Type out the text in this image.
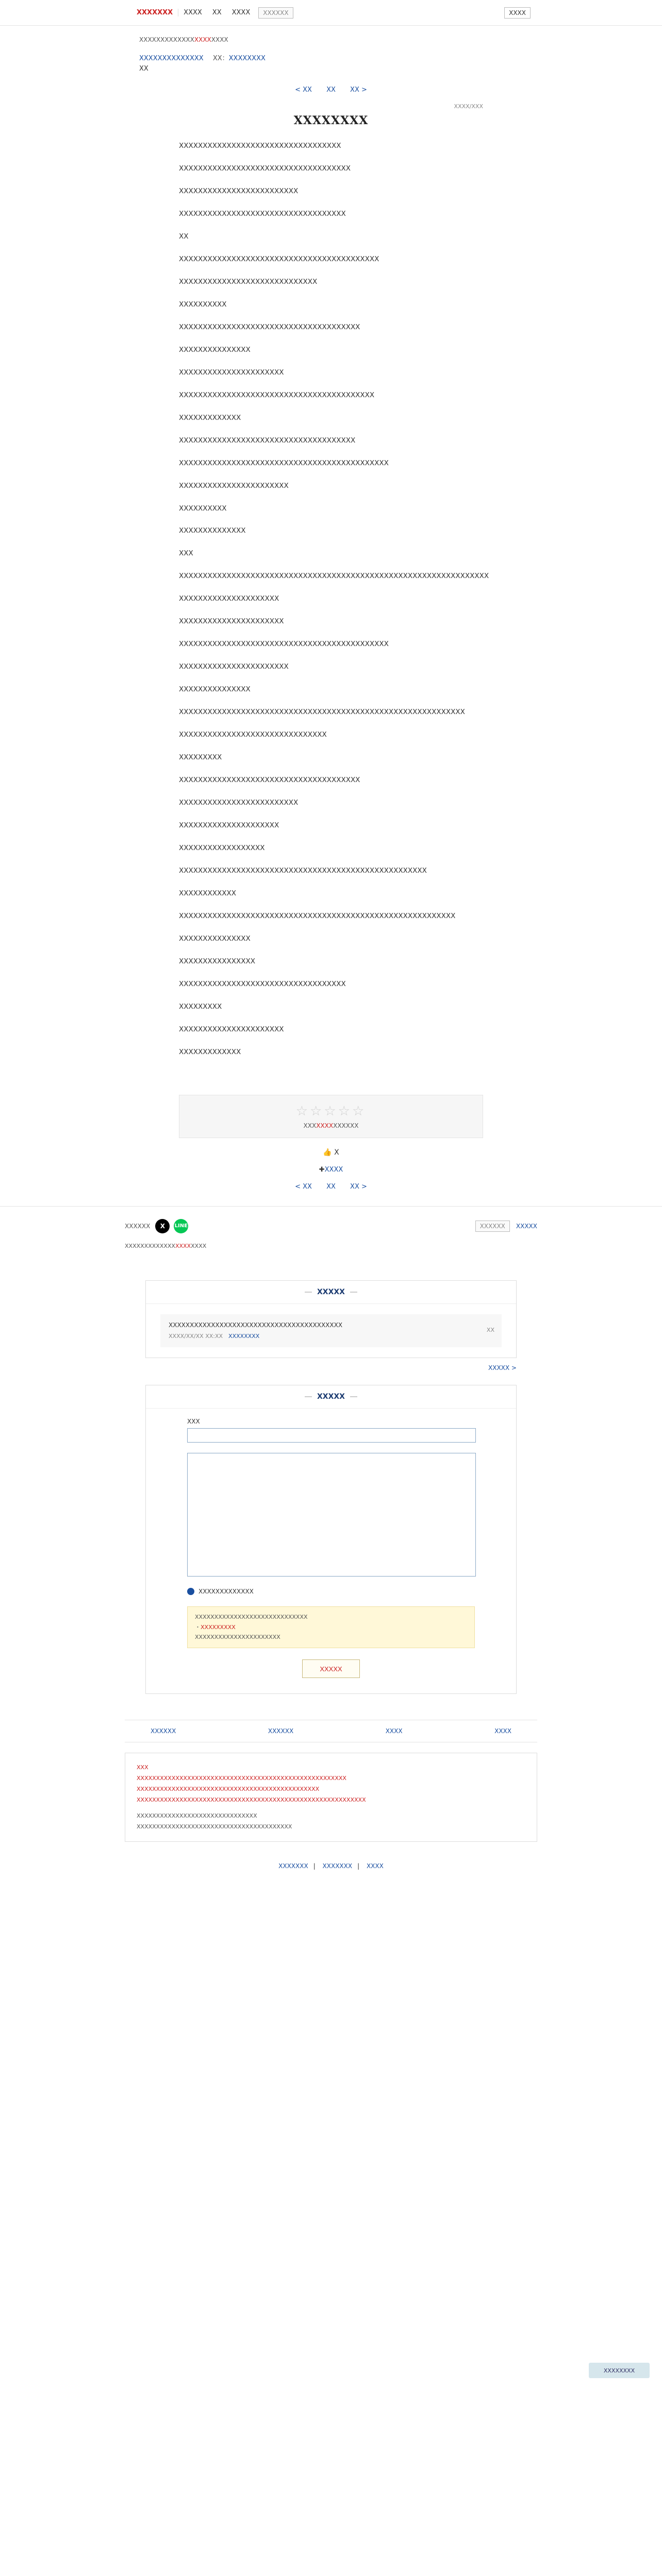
XXXXXXX	XXXX	XX	XXXX	XXXXXX	XXXX
XXXXXXXXXXXXXXXXXXXXX
XXXXXXXXXXXXXX XX：XXXXXXXX
XX
< XX XX XX >
XXXX/XXX
XXXXXXXX

XXXXXXXXXXXXXXXXXXXXXXXXXXXXXXXXXX

XXXXXXXXXXXXXXXXXXXXXXXXXXXXXXXXXXXX

XXXXXXXXXXXXXXXXXXXXXXXXX

XXXXXXXXXXXXXXXXXXXXXXXXXXXXXXXXXXX

XX

XXXXXXXXXXXXXXXXXXXXXXXXXXXXXXXXXXXXXXXXXX

XXXXXXXXXXXXXXXXXXXXXXXXXXXXX

XXXXXXXXXX

XXXXXXXXXXXXXXXXXXXXXXXXXXXXXXXXXXXXXX

XXXXXXXXXXXXXXX

XXXXXXXXXXXXXXXXXXXXXX

XXXXXXXXXXXXXXXXXXXXXXXXXXXXXXXXXXXXXXXXX

XXXXXXXXXXXXX

XXXXXXXXXXXXXXXXXXXXXXXXXXXXXXXXXXXXX

XXXXXXXXXXXXXXXXXXXXXXXXXXXXXXXXXXXXXXXXXXXX

XXXXXXXXXXXXXXXXXXXXXXX

XXXXXXXXXX

XXXXXXXXXXXXXX

XXX

XXXXXXXXXXXXXXXXXXXXXXXXXXXXXXXXXXXXXXXXXXXXXXXXXXXXXXXXXXXXXXXXX

XXXXXXXXXXXXXXXXXXXXX

XXXXXXXXXXXXXXXXXXXXXX

XXXXXXXXXXXXXXXXXXXXXXXXXXXXXXXXXXXXXXXXXXXX

XXXXXXXXXXXXXXXXXXXXXXX

XXXXXXXXXXXXXXX

XXXXXXXXXXXXXXXXXXXXXXXXXXXXXXXXXXXXXXXXXXXXXXXXXXXXXXXXXXXX

XXXXXXXXXXXXXXXXXXXXXXXXXXXXXXX

XXXXXXXXX

XXXXXXXXXXXXXXXXXXXXXXXXXXXXXXXXXXXXXX

XXXXXXXXXXXXXXXXXXXXXXXXX

XXXXXXXXXXXXXXXXXXXXX

XXXXXXXXXXXXXXXXXX

XXXXXXXXXXXXXXXXXXXXXXXXXXXXXXXXXXXXXXXXXXXXXXXXXXXX

XXXXXXXXXXXX

XXXXXXXXXXXXXXXXXXXXXXXXXXXXXXXXXXXXXXXXXXXXXXXXXXXXXXXXXX

XXXXXXXXXXXXXXX

XXXXXXXXXXXXXXXX

XXXXXXXXXXXXXXXXXXXXXXXXXXXXXXXXXXX

XXXXXXXXX

XXXXXXXXXXXXXXXXXXXXXX

XXXXXXXXXXXXX

XXXXXXXX
☆☆☆☆☆
XXXXXXXXXXXXX
👍 X
✚XXXX
< XX XX XX >
XXXXXX	X	LINE	XXXXXX	XXXXX
XXXXXXXXXXXXXXXXXXXXX
― XXXXX ―
XXXXXXXXXXXXXXXXXXXXXXXXXXXXXXXXXXXXXXXXX
XXXX/XX/XX XX:XX　 XXXXXXXX
XX
XXXXX >
― XXXXX ―
XXX
XXXXXXXXXXXXX
XXXXXXXXXXXXXXXXXXXXXXXXXXXXX
・XXXXXXXXX
XXXXXXXXXXXXXXXXXXXXXX
XXXXX
XXXXXX	XXXXXX	XXXX	XXXX
XXX
XXXXXXXXXXXXXXXXXXXXXXXXXXXXXXXXXXXXXXXXXXXXXXXXXXXXXX
XXXXXXXXXXXXXXXXXXXXXXXXXXXXXXXXXXXXXXXXXXXXXXX
XXXXXXXXXXXXXXXXXXXXXXXXXXXXXXXXXXXXXXXXXXXXXXXXXXXXXXXXXXX
XXXXXXXXXXXXXXXXXXXXXXXXXXXXXXX
XXXXXXXXXXXXXXXXXXXXXXXXXXXXXXXXXXXXXXXX
XXXXXXX | XXXXXXX | XXXX
